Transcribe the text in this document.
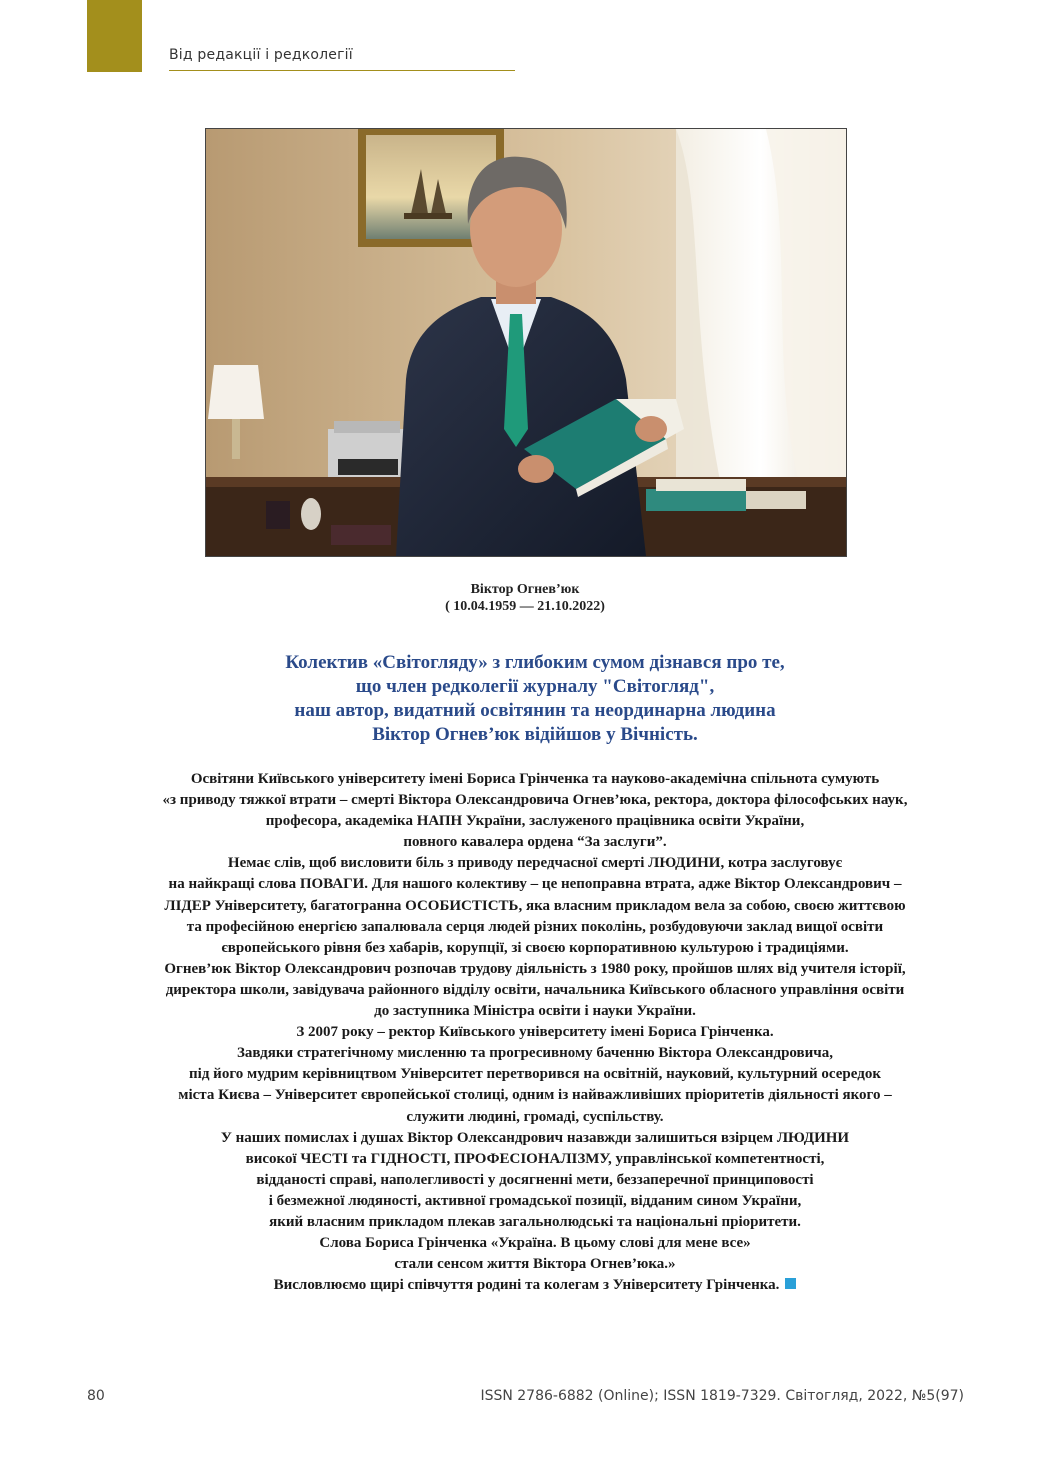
Від редакції і редколегії
Віктор Огнев’юк
( 10.04.1959 — 21.10.2022)
Колектив «Світогляду» з глибоким сумом дізнався про те,
що член редколегії журналу "Світогляд",
наш автор, видатний освітянин та неординарна людина
Віктор Огнев’юк відійшов у Вічність.
Освітяни Київського університету імені Бориса Грінченка та науково-академічна спільнота сумують
«з приводу тяжкої втрати – смерті Віктора Олександровича Огнев’юка, ректора, доктора філософських наук,
професора, академіка НАПН України, заслуженого працівника освіти України,
повного кавалера ордена “За заслуги”.
Немає слів, щоб висловити біль з приводу передчасної смерті ЛЮДИНИ, котра заслуговує
на найкращі слова ПОВАГИ. Для нашого колективу – це непоправна втрата, адже Віктор Олександрович –
ЛІДЕР Університету, багатогранна ОСОБИСТІСТЬ, яка власним прикладом вела за собою, своєю життєвою
та професійною енергією запалювала серця людей різних поколінь, розбудовуючи заклад вищої освіти
європейського рівня без хабарів, корупції, зі своєю корпоративною культурою і традиціями.
Огнев’юк Віктор Олександрович розпочав трудову діяльність з 1980 року, пройшов шлях від учителя історії,
директора школи, завідувача районного відділу освіти, начальника Київського обласного управління освіти
до заступника Міністра освіти і науки України.
З 2007 року – ректор Київського університету імені Бориса Грінченка.
Завдяки стратегічному мисленню та прогресивному баченню Віктора Олександровича,
під його мудрим керівництвом Університет перетворився на освітній, науковий, культурний осередок
міста Києва – Університет європейської столиці, одним із найважливіших пріоритетів діяльності якого –
служити людині, громаді, суспільству.
У наших помислах і душах Віктор Олександрович назавжди залишиться взірцем ЛЮДИНИ
високої ЧЕСТІ та ГІДНОСТІ, ПРОФЕСІОНАЛІЗМУ, управлінської компетентності,
відданості справі, наполегливості у досягненні мети, беззаперечної принциповості
і безмежної людяності, активної громадської позиції, відданим сином України,
який власним прикладом плекав загальнолюдські та національні пріоритети.
Слова Бориса Грінченка «Україна. В цьому слові для мене все»
стали сенсом життя Віктора Огнев’юка.»
Висловлюємо щирі співчуття родині та колегам з Університету Грінченка.
80	ISSN 2786-6882 (Online); ISSN 1819-7329. Світогляд, 2022, №5(97)
